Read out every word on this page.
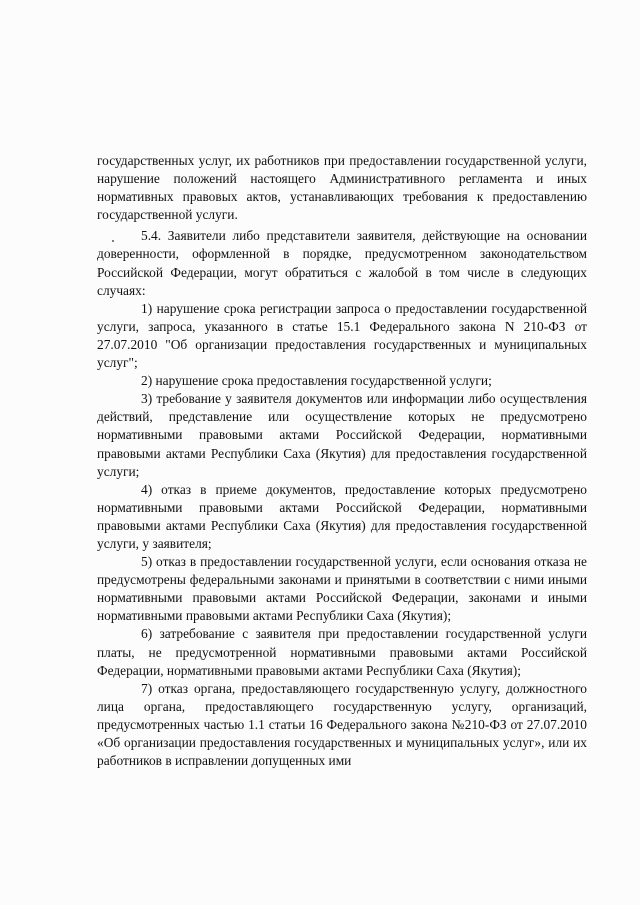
государственных услуг, их работников при предоставлении государственной услуги, нарушение положений настоящего Административного регламента и иных нормативных правовых актов, устанавливающих требования к предоставлению государственной услуги.

5.4. Заявители либо представители заявителя, действующие на основании доверенности, оформленной в порядке, предусмотренном законодательством Российской Федерации, могут обратиться с жалобой в том числе в следующих случаях:

1) нарушение срока регистрации запроса о предоставлении государственной услуги, запроса, указанного в статье 15.1 Федерального закона N 210-ФЗ от 27.07.2010 "Об организации предоставления государственных и муниципальных услуг";

2) нарушение срока предоставления государственной услуги;

3) требование у заявителя документов или информации либо осуществления действий, представление или осуществление которых не предусмотрено нормативными правовыми актами Российской Федерации, нормативными правовыми актами Республики Саха (Якутия) для предоставления государственной услуги;

4) отказ в приеме документов, предоставление которых предусмотрено нормативными правовыми актами Российской Федерации, нормативными правовыми актами Республики Саха (Якутия) для предоставления государственной услуги, у заявителя;

5) отказ в предоставлении государственной услуги, если основания отказа не предусмотрены федеральными законами и принятыми в соответствии с ними иными нормативными правовыми актами Российской Федерации, законами и иными нормативными правовыми актами Республики Саха (Якутия);

6) затребование с заявителя при предоставлении государственной услуги платы, не предусмотренной нормативными правовыми актами Российской Федерации, нормативными правовыми актами Республики Саха (Якутия);

7) отказ органа, предоставляющего государственную услугу, должностного лица органа, предоставляющего государственную услугу, организаций, предусмотренных частью 1.1 статьи 16 Федерального закона №210-ФЗ от 27.07.2010 «Об организации предоставления государственных и муниципальных услуг», или их работников в исправлении допущенных ими
